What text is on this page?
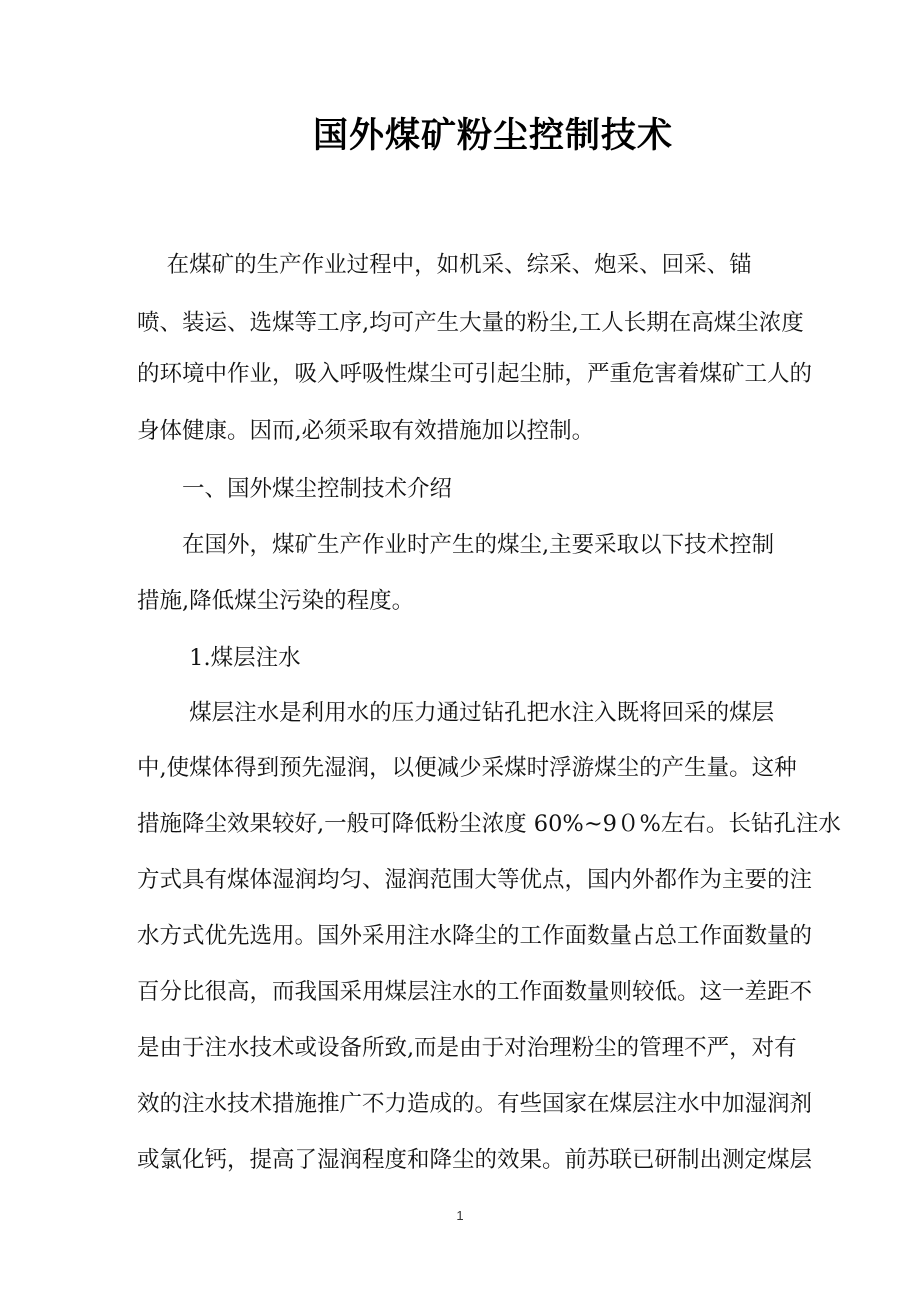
国外煤矿粉尘控制技术
　 在煤矿的生产作业过程中，如机采、综采、炮采、回采、锚
喷、装运、选煤等工序,均可产生大量的粉尘,工人长期在高煤尘浓度
的环境中作业，吸入呼吸性煤尘可引起尘肺，严重危害着煤矿工人的
身体健康。因而,必须采取有效措施加以控制。
　　一、国外煤尘控制技术介绍
　　在国外，煤矿生产作业时产生的煤尘,主要采取以下技术控制
措施,降低煤尘污染的程度。
　　 1.煤层注水
　　 煤层注水是利用水的压力通过钻孔把水注入既将回采的煤层
中,使煤体得到预先湿润，以便减少采煤时浮游煤尘的产生量。这种
措施降尘效果较好,一般可降低粉尘浓度 60%~9０%左右。长钻孔注水
方式具有煤体湿润均匀、湿润范围大等优点，国内外都作为主要的注
水方式优先选用。国外采用注水降尘的工作面数量占总工作面数量的
百分比很高，而我国采用煤层注水的工作面数量则较低。这一差距不
是由于注水技术或设备所致,而是由于对治理粉尘的管理不严，对有
效的注水技术措施推广不力造成的。有些国家在煤层注水中加湿润剂
或氯化钙，提高了湿润程度和降尘的效果。前苏联已研制出测定煤层
1
